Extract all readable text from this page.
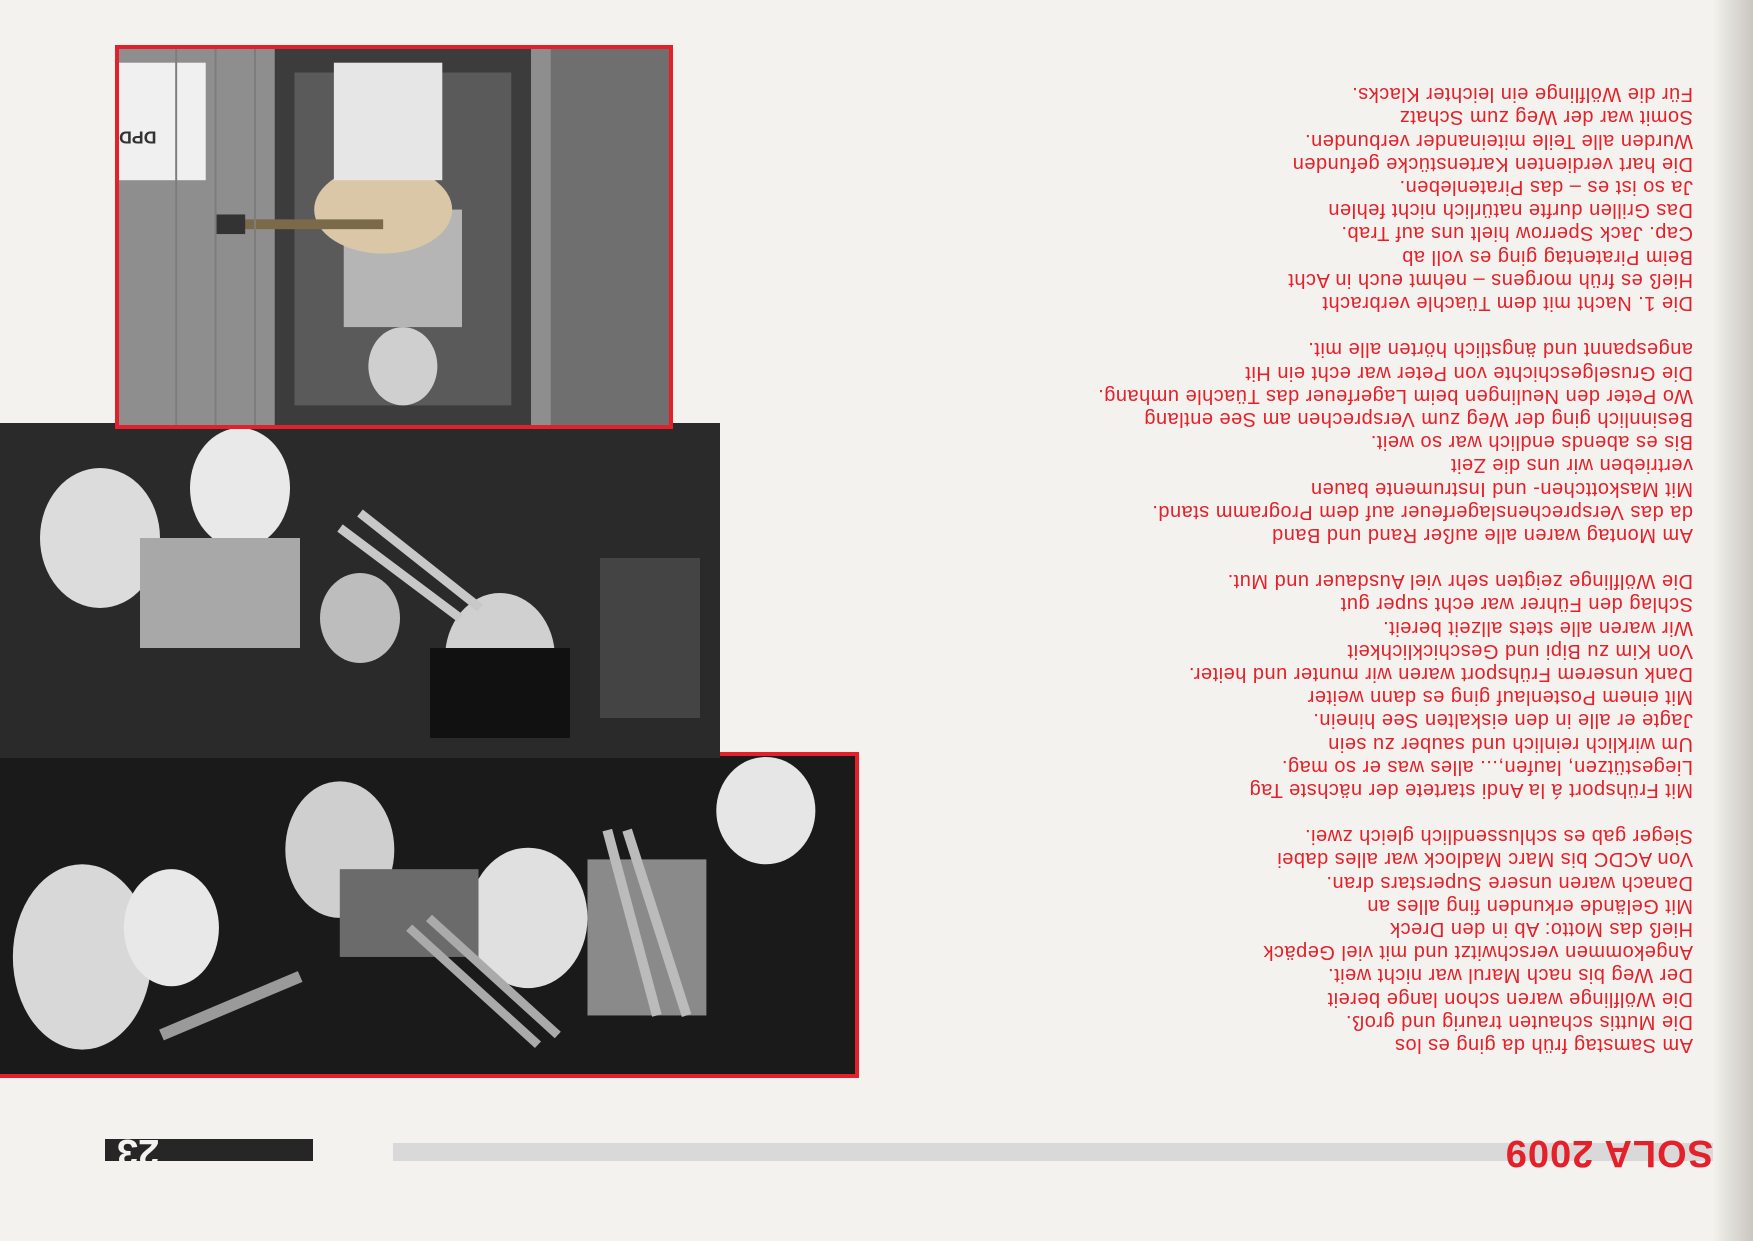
SOLA 2009
23
Am Samstag früh da ging es los
Die Muttis schauten traurig und groß.
Die Wölflinge waren schon lange bereit
Der Weg bis nach Marul war nicht weit.
Angekommen verschwitzt und mit viel Gepäck
Hieß das Motto: Ab in den Dreck
Mit Gelände erkunden fing alles an
Danach waren unsere Superstars dran.
Von ACDC bis Marc Madlock war alles dabei
Sieger gab es schlussendlich gleich zwei.
Mit Frühsport á la Andi startete der nächste Tag
Liegestützen, laufen,... alles was er so mag.
Um wirklich reinlich und sauber zu sein
Jagte er alle in den eiskalten See hinein.
Mit einem Postenlauf ging es dann weiter
Dank unserem Frühsport waren wir munter und heiter.
Von Kim zu Bipi und Geschicklichkeit
Wir waren alle stets allzeit bereit.
Schlag den Führer war echt super gut
Die Wölflinge zeigten sehr viel Ausdauer und Mut.
Am Montag waren alle außer Rand und Band
da das Versprechenslagerfeuer auf dem Programm stand.
Mit Maskottchen- und Instrumente bauen
vertrieben wir uns die Zeit
Bis es abends endlich war so weit.
Besinnlich ging der Weg zum Versprechen am See entlang
Wo Peter den Neulingen beim Lagerfeuer das Tüachle umhang.
Die Gruselgeschichte von Peter war echt ein Hit
angespannt und ängstlich hörten alle mit.
Die 1. Nacht mit dem Tüachle verbracht
Hieß es früh morgens – nehmt euch in Acht
Beim Piratentag ging es voll ab
Cap. Jack Sperrow hielt uns auf Trab.
Das Grillen durfte natürlich nicht fehlen
Ja so ist es – das Piratenleben.
Die hart verdienten Kartenstücke gefunden
Wurden alle Teile miteinander verbunden.
Somit war der Weg zum Schatz
Für die Wölflinge ein leichter Klacks.
DPD
